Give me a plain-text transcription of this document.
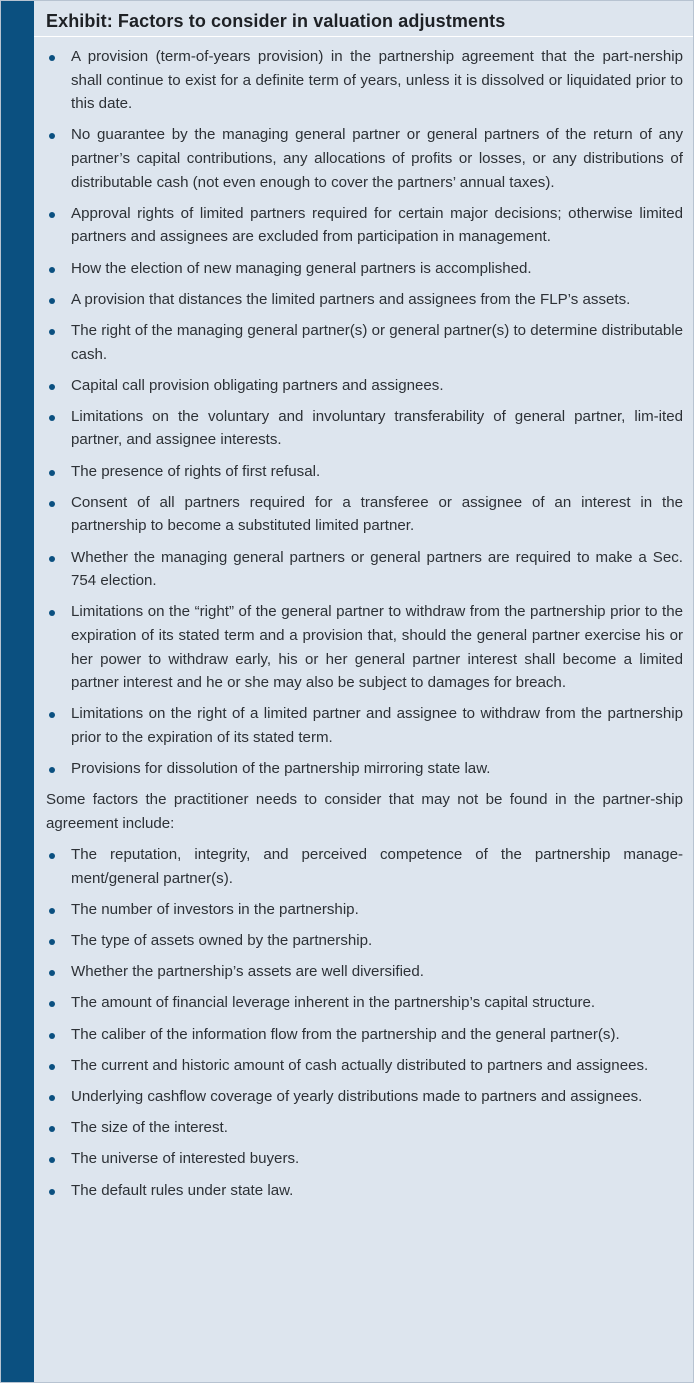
Exhibit: Factors to consider in valuation adjustments
A provision (term-of-years provision) in the partnership agreement that the part-nership shall continue to exist for a definite term of years, unless it is dissolved or liquidated prior to this date.
No guarantee by the managing general partner or general partners of the return of any partner’s capital contributions, any allocations of profits or losses, or any distributions of distributable cash (not even enough to cover the partners’ annual taxes).
Approval rights of limited partners required for certain major decisions; otherwise limited partners and assignees are excluded from participation in management.
How the election of new managing general partners is accomplished.
A provision that distances the limited partners and assignees from the FLP’s assets.
The right of the managing general partner(s) or general partner(s) to determine distributable cash.
Capital call provision obligating partners and assignees.
Limitations on the voluntary and involuntary transferability of general partner, lim-ited partner, and assignee interests.
The presence of rights of first refusal.
Consent of all partners required for a transferee or assignee of an interest in the partnership to become a substituted limited partner.
Whether the managing general partners or general partners are required to make a Sec. 754 election.
Limitations on the “right” of the general partner to withdraw from the partnership prior to the expiration of its stated term and a provision that, should the general partner exercise his or her power to withdraw early, his or her general partner interest shall become a limited partner interest and he or she may also be subject to damages for breach.
Limitations on the right of a limited partner and assignee to withdraw from the partnership prior to the expiration of its stated term.
Provisions for dissolution of the partnership mirroring state law.

Some factors the practitioner needs to consider that may not be found in the partner-ship agreement include:

The reputation, integrity, and perceived competence of the partnership manage-ment/general partner(s).
The number of investors in the partnership.
The type of assets owned by the partnership.
Whether the partnership’s assets are well diversified.
The amount of financial leverage inherent in the partnership’s capital structure.
The caliber of the information flow from the partnership and the general partner(s).
The current and historic amount of cash actually distributed to partners and assignees.
Underlying cashflow coverage of yearly distributions made to partners and assignees.
The size of the interest.
The universe of interested buyers.
The default rules under state law.
